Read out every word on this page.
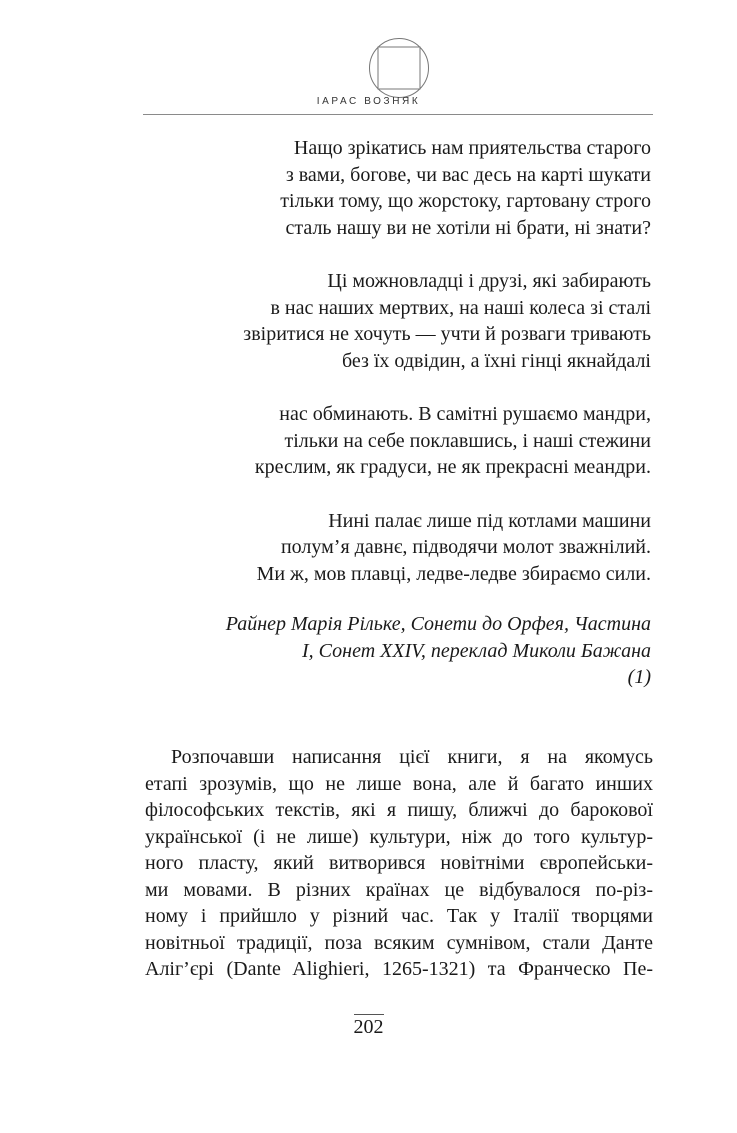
ІАРАС ВОЗНЯК
Нащо зрікатись нам приятельства старого
з вами, богове, чи вас десь на карті шукати
тільки тому, що жорстоку, гартовану строго
сталь нашу ви не хотіли ні брати, ні знати?
Ці можновладці і друзі, які забирають
в нас наших мертвих, на наші колеса зі сталі
звіритися не хочуть — учти й розваги тривають
без їх одвідин, а їхні гінці якнайдалі
нас обминають. В самітні рушаємо мандри,
тільки на себе поклавшись, і наші стежини
креслим, як градуси, не як прекрасні меандри.
Нині палає лише під котлами машини
полум’я давнє, підводячи молот зважнілий.
Ми ж, мов плавці, ледве-ледве збираємо сили.
Райнер Марія Рільке, Сонети до Орфея, Частина
I, Сонет XXIV, переклад Миколи Бажана
(1)
Розпочавши написання цієї книги, я на якомусь
етапі зрозумів, що не лише вона, але й багато инших
філософських текстів, які я пишу, ближчі до барокової
української (і не лише) культури, ніж до того культур-
ного пласту, який витворився новітніми європейськи-
ми мовами. В різних країнах це відбувалося по-різ-
ному і прийшло у різний час. Так у Італії творцями
новітньої традиції, поза всяким сумнівом, стали Данте
Аліг’єрі (Dante Alighieri, 1265-1321) та Франческо Пе-
202
